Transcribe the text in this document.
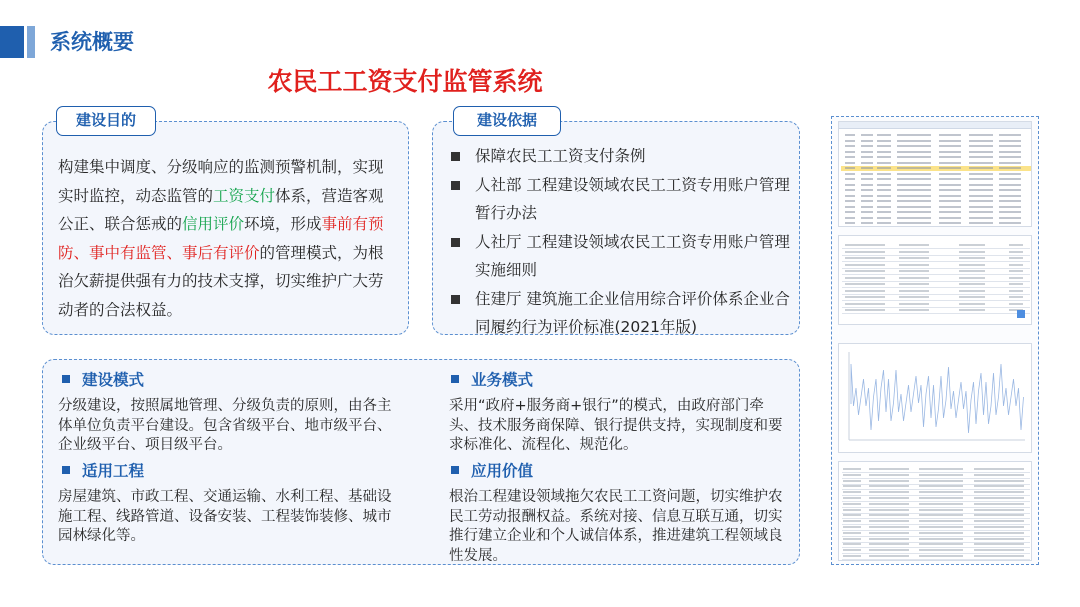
系统概要
农民工工资支付监管系统
建设目的
构建集中调度、分级响应的监测预警机制，实现实时监控，动态监管的工资支付体系，营造客观公正、联合惩戒的信用评价环境，形成事前有预防、事中有监管、事后有评价的管理模式，为根治欠薪提供强有力的技术支撑，切实维护广大劳动者的合法权益。
建设依据
保障农民工工资支付条例
人社部 工程建设领域农民工工资专用账户管理暂行办法
人社厅 工程建设领域农民工工资专用账户管理实施细则
住建厅 建筑施工企业信用综合评价体系企业合同履约行为评价标准(2021年版)
建设模式
分级建设，按照属地管理、分级负责的原则，由各主体单位负责平台建设。包含省级平台、地市级平台、企业级平台、项目级平台。
业务模式
采用“政府+服务商+银行”的模式，由政府部门牵头、技术服务商保障、银行提供支持，实现制度和要求标准化、流程化、规范化。
适用工程
房屋建筑、市政工程、交通运输、水利工程、基础设施工程、线路管道、设备安装、工程装饰装修、城市园林绿化等。
应用价值
根治工程建设领域拖欠农民工工资问题，切实维护农民工劳动报酬权益。系统对接、信息互联互通，切实推行建立企业和个人诚信体系，推进建筑工程领域良性发展。
